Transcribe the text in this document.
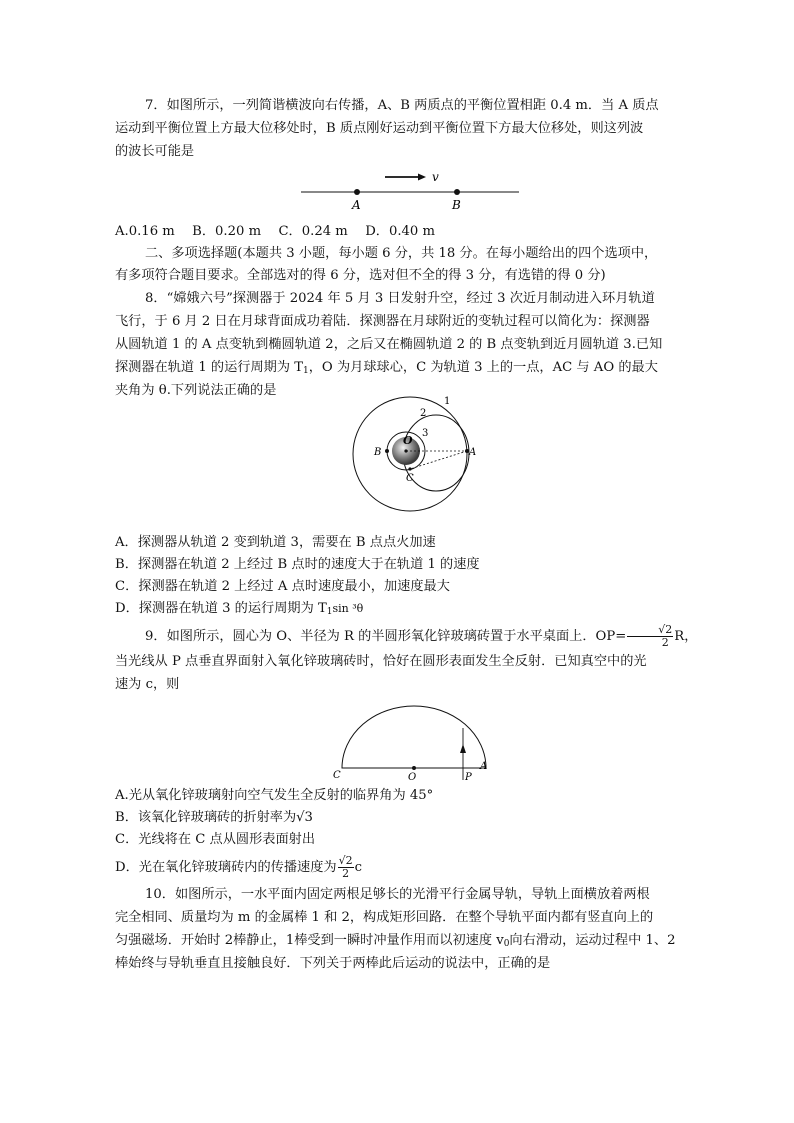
7．如图所示，一列简谐横波向右传播，A、B 两质点的平衡位置相距 0.4 m．当 A 质点

运动到平衡位置上方最大位移处时，B 质点刚好运动到平衡位置下方最大位移处，则这列波

的波长可能是

v
A	B

A.0.16 m　 B．0.20 m　 C．0.24 m　 D．0.40 m

二、多项选择题(本题共 3 小题，每小题 6 分，共 18 分。在每小题给出的四个选项中，

有多项符合题目要求。全部选对的得 6 分，选对但不全的得 3 分，有选错的得 0 分)

8．“嫦娥六号”探测器于 2024 年 5 月 3 日发射升空，经过 3 次近月制动进入环月轨道

飞行，于 6 月 2 日在月球背面成功着陆．探测器在月球附近的变轨过程可以简化为：探测器

从圆轨道 1 的 A 点变轨到椭圆轨道 2，之后又在椭圆轨道 2 的 B 点变轨到近月圆轨道 3.已知

探测器在轨道 1 的运行周期为 $T_1$，O 为月球球心，C 为轨道 3 上的一点，AC 与 AO 的最大

夹角为 θ.下列说法正确的是

1
2
3
O
A
B
C

A．探测器从轨道 2 变到轨道 3，需要在 B 点点火加速

B．探测器在轨道 2 上经过 B 点时的速度大于在轨道 1 的速度

C．探测器在轨道 2 上经过 A 点时速度最小，加速度最大

D．探测器在轨道 3 的运行周期为 $T_1\sin$ ³θ

9．如图所示，圆心为 O、半径为 R 的半圆形氧化锌玻璃砖置于水平桌面上．$OP= \frac{√2}{2}$ R，

当光线从 P 点垂直界面射入氧化锌玻璃砖时，恰好在圆形表面发生全反射．已知真空中的光

速为 c，则

C	O	P
A

A.光从氧化锌玻璃射向空气发生全反射的临界角为 45°

B．该氧化锌玻璃砖的折射率为√3

C．光线将在 C 点从圆形表面射出

D．光在氧化锌玻璃砖内的传播速度为 $\frac{√2}{2}$ c

10．如图所示，一水平面内固定两根足够长的光滑平行金属导轨，导轨上面横放着两根

完全相同、质量均为 m 的金属棒 1 和 2，构成矩形回路．在整个导轨平面内都有竖直向上的

匀强磁场．开始时 2棒静止，1棒受到一瞬时冲量作用而以初速度 $v_0$向右滑动，运动过程中 1、2

棒始终与导轨垂直且接触良好．下列关于两棒此后运动的说法中，正确的是
